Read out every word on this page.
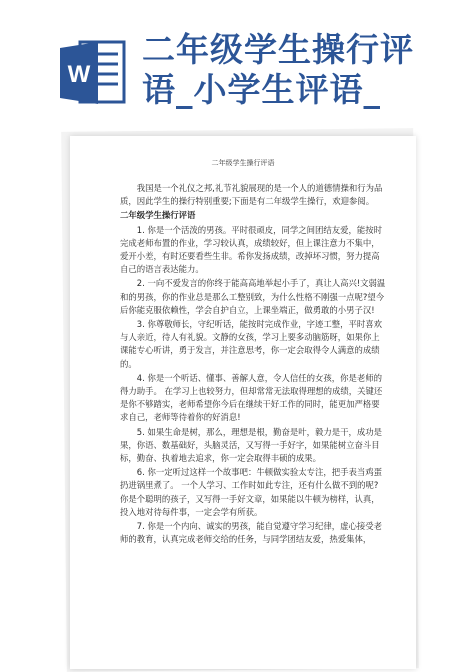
W
二年级学生操行评
语_小学生评语_
二年级学生操行评语

我国是一个礼仪之邦,礼节礼貌展现的是一个人的道德情操和行为品质，因此学生的操行特别重要;下面是有二年级学生操行，欢迎参阅。

二年级学生操行评语

1. 你是一个活泼的男孩。平时很顽皮，同学之间团结友爱，能按时完成老师布置的作业，学习较认真，成绩较好，但上课注意力不集中，爱开小差，有时还要看些生非。希你发扬成绩，改掉坏习惯，努力提高自己的语言表达能力。

2. 一向不爱发言的你终于能高高地举起小手了，真让人高兴!文弱温和的男孩，你的作业总是那么工整别致，为什么性格不刚强一点呢?望今后你能克服依赖性，学会自护自立，上课坐端正，做勇敢的小男子汉!

3. 你尊敬师长，守纪听话，能按时完成作业，字迹工整，平时喜欢与人亲近，待人有礼貌。文静的女孩，学习上要多动脑筋呀，如果你上课能专心听讲，勇于发言，并注意思考，你一定会取得令人满意的成绩的。

4. 你是一个听话、懂事、善解人意，令人信任的女孩，你是老师的得力助手。 在学习上也较努力，但却常常无法取得理想的成绩，关键还是你不够踏实，老师希望你今后在继续干好工作的同时，能更加严格要求自己，老师等待着你的好消息!

5. 如果生命是树，那么，理想是根，勤奋是叶，毅力是干，成功是果，你语、数基础好，头脑灵活，又写得一手好字，如果能树立奋斗目标，勤奋、执着地去追求，你一定会取得丰硕的成果。

6. 你一定听过这样一个故事吧：牛顿做实验太专注，把手表当鸡蛋扔进锅里煮了。 一个人学习、工作时如此专注，还有什么做不到的呢?你是个聪明的孩子，又写得一手好文章，如果能以牛顿为榜样，认真，投入地对待每件事，一定会学有所获。

7. 你是一个内向、诚实的男孩，能自觉遵守学习纪律，虚心接受老师的教育，认真完成老师交给的任务，与同学团结友爱，热爱集体，
